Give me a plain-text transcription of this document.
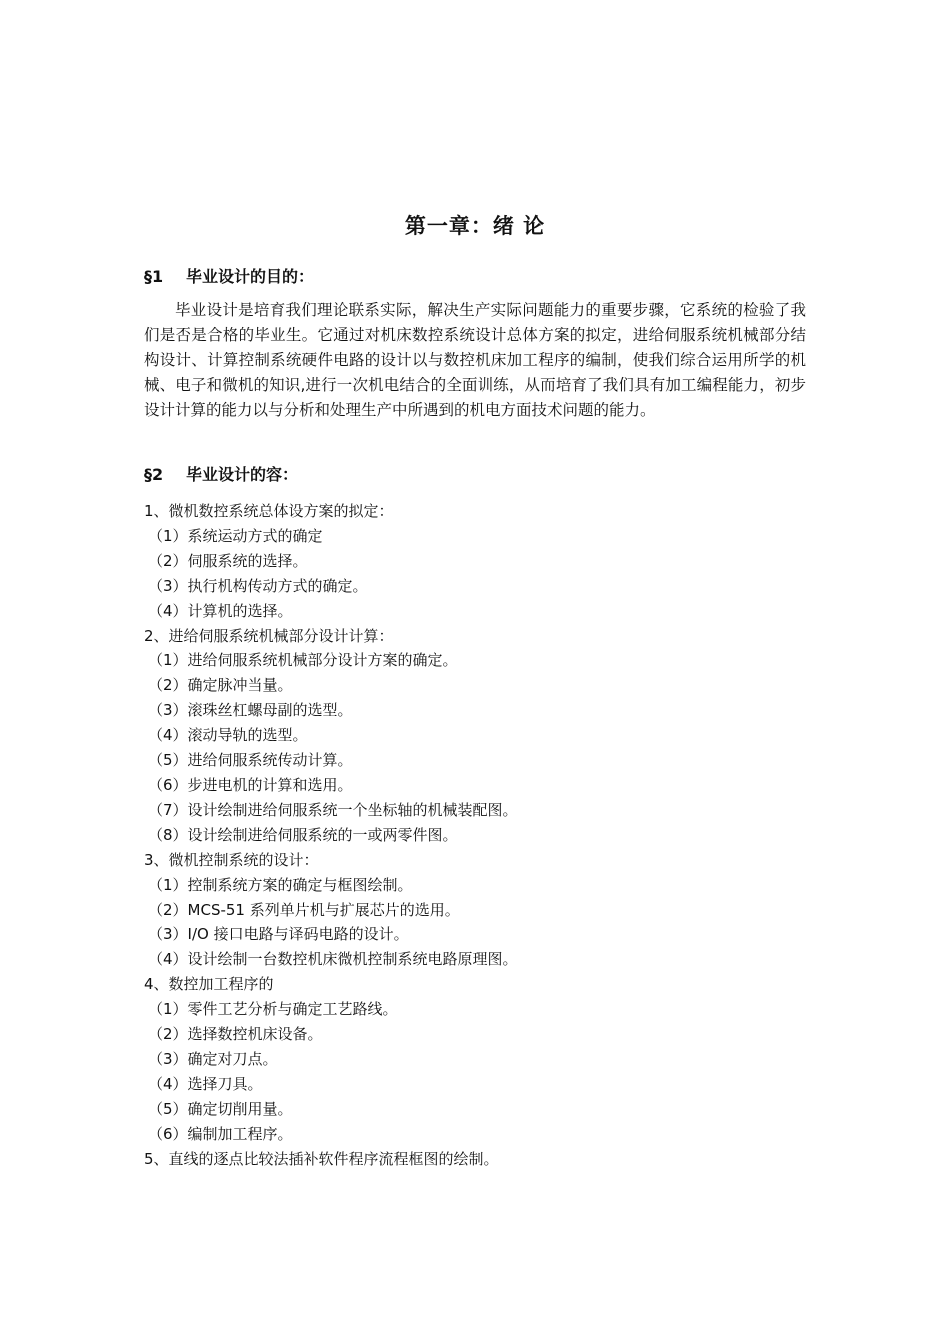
第一章：绪 论
§1 毕业设计的目的：
毕业设计是培育我们理论联系实际，解决生产实际问题能力的重要步骤，它系统的检验了我们是否是合格的毕业生。它通过对机床数控系统设计总体方案的拟定，进给伺服系统机械部分结构设计、计算控制系统硬件电路的设计以与数控机床加工程序的编制，使我们综合运用所学的机械、电子和微机的知识,进行一次机电结合的全面训练，从而培育了我们具有加工编程能力，初步设计计算的能力以与分析和处理生产中所遇到的机电方面技术问题的能力。
§2 毕业设计的容：
1、微机数控系统总体设方案的拟定：
（1）系统运动方式的确定
（2）伺服系统的选择。
（3）执行机构传动方式的确定。
（4）计算机的选择。
2、进给伺服系统机械部分设计计算：
（1）进给伺服系统机械部分设计方案的确定。
（2）确定脉冲当量。
（3）滚珠丝杠螺母副的选型。
（4）滚动导轨的选型。
（5）进给伺服系统传动计算。
（6）步进电机的计算和选用。
（7）设计绘制进给伺服系统一个坐标轴的机械装配图。
（8）设计绘制进给伺服系统的一或两零件图。
3、微机控制系统的设计：
（1）控制系统方案的确定与框图绘制。
（2）MCS-51 系列单片机与扩展芯片的选用。
（3）I/O 接口电路与译码电路的设计。
（4）设计绘制一台数控机床微机控制系统电路原理图。
4、数控加工程序的
（1）零件工艺分析与确定工艺路线。
（2）选择数控机床设备。
（3）确定对刀点。
（4）选择刀具。
（5）确定切削用量。
（6）编制加工程序。
5、直线的逐点比较法插补软件程序流程框图的绘制。
